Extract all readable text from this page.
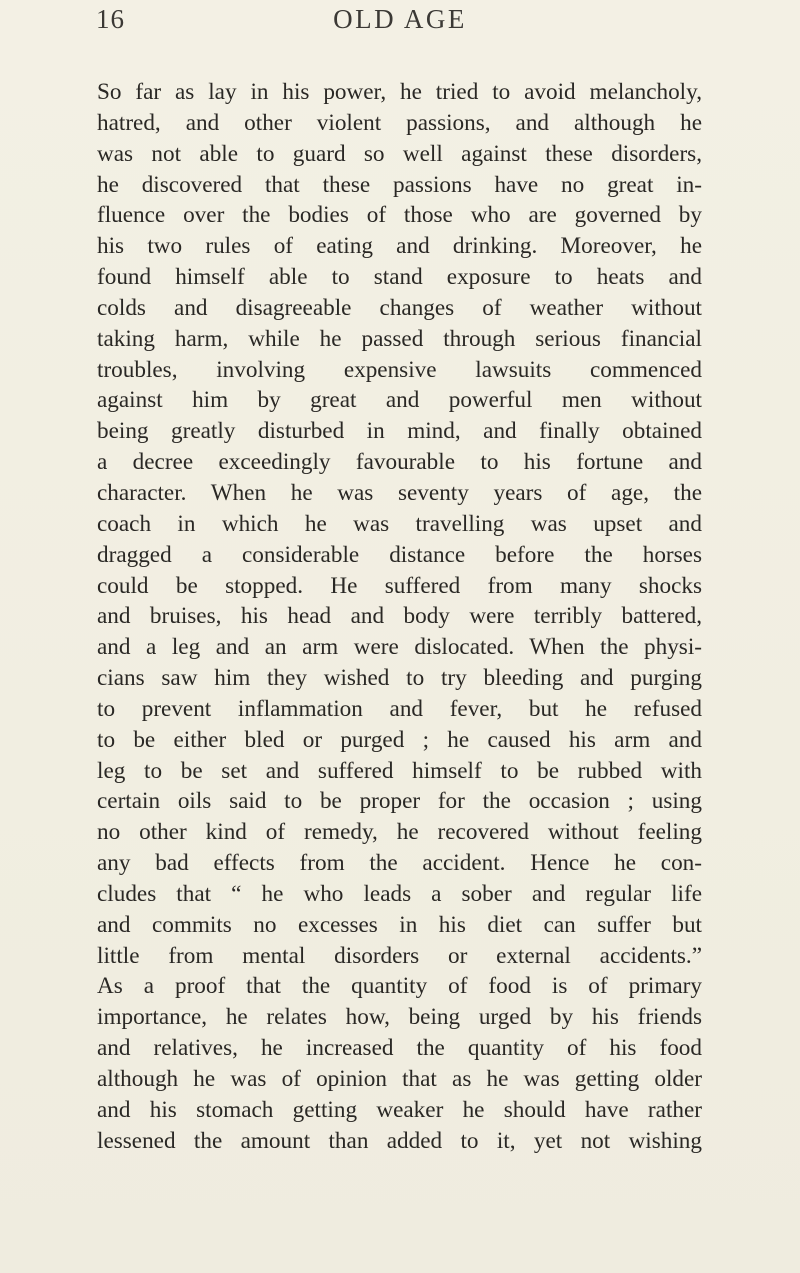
16	OLD AGE

So far as lay in his power, he tried to avoid melancholy,
hatred, and other violent passions, and although he
was not able to guard so well against these disorders,
he discovered that these passions have no great in-
fluence over the bodies of those who are governed by
his two rules of eating and drinking. Moreover, he
found himself able to stand exposure to heats and
colds and disagreeable changes of weather without
taking harm, while he passed through serious financial
troubles, involving expensive lawsuits commenced
against him by great and powerful men without
being greatly disturbed in mind, and finally obtained
a decree exceedingly favourable to his fortune and
character. When he was seventy years of age, the
coach in which he was travelling was upset and
dragged a considerable distance before the horses
could be stopped. He suffered from many shocks
and bruises, his head and body were terribly battered,
and a leg and an arm were dislocated. When the physi-
cians saw him they wished to try bleeding and purging
to prevent inflammation and fever, but he refused
to be either bled or purged ; he caused his arm and
leg to be set and suffered himself to be rubbed with
certain oils said to be proper for the occasion ; using
no other kind of remedy, he recovered without feeling
any bad effects from the accident. Hence he con-
cludes that “ he who leads a sober and regular life
and commits no excesses in his diet can suffer but
little from mental disorders or external accidents.”
As a proof that the quantity of food is of primary
importance, he relates how, being urged by his friends
and relatives, he increased the quantity of his food
although he was of opinion that as he was getting older
and his stomach getting weaker he should have rather
lessened the amount than added to it, yet not wishing
